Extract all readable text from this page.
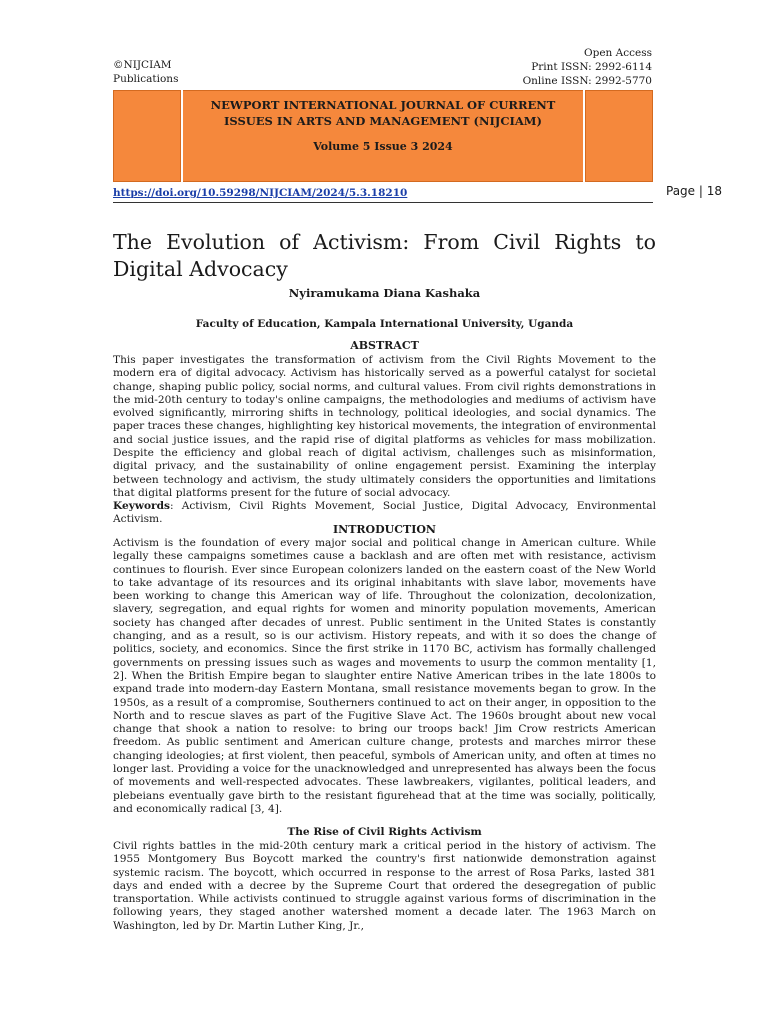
©NIJCIAM
Publications
Open Access
Print ISSN: 2992-6114
Online ISSN: 2992-5770
NEWPORT INTERNATIONAL JOURNAL OF CURRENT
ISSUES IN ARTS AND MANAGEMENT (NIJCIAM)
Volume 5 Issue 3 2024
https://doi.org/10.59298/NIJCIAM/2024/5.3.18210	Page | 18
The Evolution of Activism: From Civil Rights to Digital Advocacy
Nyiramukama Diana Kashaka
Faculty of Education, Kampala International University, Uganda
ABSTRACT
This paper investigates the transformation of activism from the Civil Rights Movement to the modern era of digital advocacy. Activism has historically served as a powerful catalyst for societal change, shaping public policy, social norms, and cultural values. From civil rights demonstrations in the mid-20th century to today's online campaigns, the methodologies and mediums of activism have evolved significantly, mirroring shifts in technology, political ideologies, and social dynamics. The paper traces these changes, highlighting key historical movements, the integration of environmental and social justice issues, and the rapid rise of digital platforms as vehicles for mass mobilization. Despite the efficiency and global reach of digital activism, challenges such as misinformation, digital privacy, and the sustainability of online engagement persist. Examining the interplay between technology and activism, the study ultimately considers the opportunities and limitations that digital platforms present for the future of social advocacy.
Keywords: Activism, Civil Rights Movement, Social Justice, Digital Advocacy, Environmental Activism.
INTRODUCTION
Activism is the foundation of every major social and political change in American culture. While legally these campaigns sometimes cause a backlash and are often met with resistance, activism continues to flourish. Ever since European colonizers landed on the eastern coast of the New World to take advantage of its resources and its original inhabitants with slave labor, movements have been working to change this American way of life. Throughout the colonization, decolonization, slavery, segregation, and equal rights for women and minority population movements, American society has changed after decades of unrest. Public sentiment in the United States is constantly changing, and as a result, so is our activism. History repeats, and with it so does the change of politics, society, and economics. Since the first strike in 1170 BC, activism has formally challenged governments on pressing issues such as wages and movements to usurp the common mentality [1, 2]. When the British Empire began to slaughter entire Native American tribes in the late 1800s to expand trade into modern-day Eastern Montana, small resistance movements began to grow. In the 1950s, as a result of a compromise, Southerners continued to act on their anger, in opposition to the North and to rescue slaves as part of the Fugitive Slave Act. The 1960s brought about new vocal change that shook a nation to resolve: to bring our troops back! Jim Crow restricts American freedom. As public sentiment and American culture change, protests and marches mirror these changing ideologies; at first violent, then peaceful, symbols of American unity, and often at times no longer last. Providing a voice for the unacknowledged and unrepresented has always been the focus of movements and well-respected advocates. These lawbreakers, vigilantes, political leaders, and plebeians eventually gave birth to the resistant figurehead that at the time was socially, politically, and economically radical [3, 4].
The Rise of Civil Rights Activism
Civil rights battles in the mid-20th century mark a critical period in the history of activism. The 1955 Montgomery Bus Boycott marked the country's first nationwide demonstration against systemic racism. The boycott, which occurred in response to the arrest of Rosa Parks, lasted 381 days and ended with a decree by the Supreme Court that ordered the desegregation of public transportation. While activists continued to struggle against various forms of discrimination in the following years, they staged another watershed moment a decade later. The 1963 March on Washington, led by Dr. Martin Luther King, Jr.,
